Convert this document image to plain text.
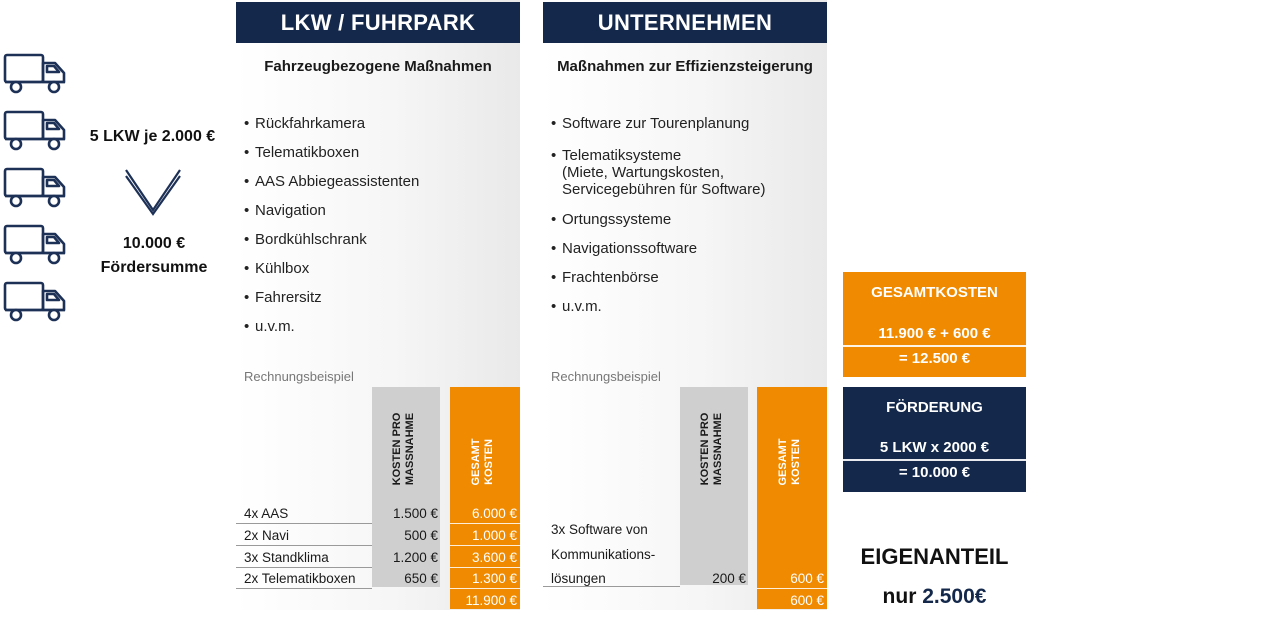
5 LKW je 2.000 €
10.000 €
Fördersumme
LKW / FUHRPARK
Fahrzeugbezogene Maßnahmen
• Rückfahrkamera
• Telematikboxen
• AAS Abbiegeassistenten
• Navigation
• Bordkühlschrank
• Kühlbox
• Fahrersitz
• u.v.m.
Rechnungsbeispiel
KOSTEN PRO MASSNAHME	GESAMT KOSTEN
4x AAS	1.500 €	6.000 €
2x Navi	500 €	1.000 €
3x Standklima	1.200 €	3.600 €
2x Telematikboxen	650 €	1.300 €
11.900 €
UNTERNEHMEN
Maßnahmen zur Effizienzsteigerung
• Software zur Tourenplanung
• Telematiksysteme
(Miete, Wartungskosten,
Servicegebühren für Software)
• Ortungssysteme
• Navigationssoftware
• Frachtenbörse
• u.v.m.
Rechnungsbeispiel
KOSTEN PRO MASSNAHME	GESAMT KOSTEN
3x Software von
Kommunikations-
lösungen	200 €	600 €
600 €
GESAMTKOSTEN
11.900 € + 600 €
= 12.500 €
FÖRDERUNG
5 LKW x 2000 €
= 10.000 €
EIGENANTEIL
nur 2.500€
